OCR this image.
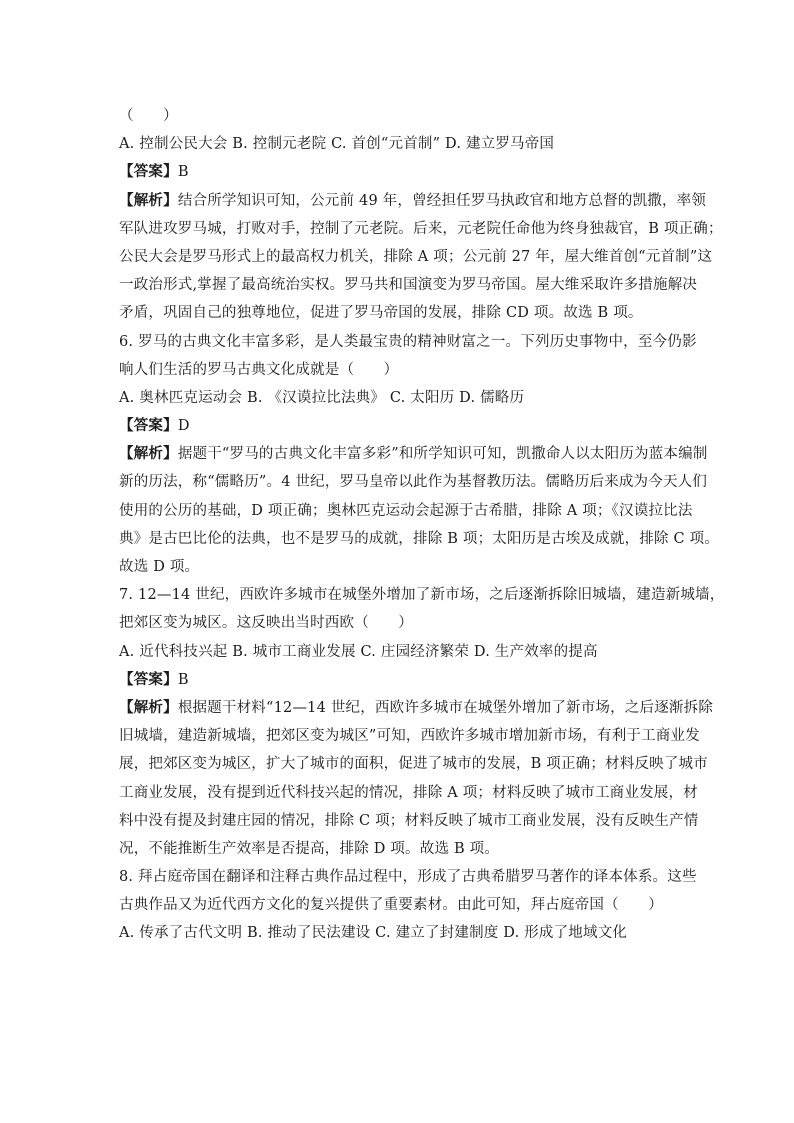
（　　）
A. 控制公民大会 B. 控制元老院 C. 首创“元首制” D. 建立罗马帝国
【答案】B
【解析】结合所学知识可知，公元前 49 年，曾经担任罗马执政官和地方总督的凯撒，率领
军队进攻罗马城，打败对手，控制了元老院。后来，元老院任命他为终身独裁官，B 项正确；
公民大会是罗马形式上的最高权力机关，排除 A 项；公元前 27 年，屋大维首创“元首制”这
一政治形式,掌握了最高统治实权。罗马共和国演变为罗马帝国。屋大维采取许多措施解决
矛盾，巩固自己的独尊地位，促进了罗马帝国的发展，排除 CD 项。故选 B 项。
6. 罗马的古典文化丰富多彩，是人类最宝贵的精神财富之一。下列历史事物中，至今仍影
响人们生活的罗马古典文化成就是（　　）
A. 奥林匹克运动会 B. 《汉谟拉比法典》 C. 太阳历 D. 儒略历
【答案】D
【解析】据题干“罗马的古典文化丰富多彩”和所学知识可知，凯撒命人以太阳历为蓝本编制
新的历法，称“儒略历”。4 世纪，罗马皇帝以此作为基督教历法。儒略历后来成为今天人们
使用的公历的基础，D 项正确；奥林匹克运动会起源于古希腊，排除 A 项；《汉谟拉比法
典》是古巴比伦的法典，也不是罗马的成就，排除 B 项；太阳历是古埃及成就，排除 C 项。
故选 D 项。
7. 12—14 世纪，西欧许多城市在城堡外增加了新市场，之后逐渐拆除旧城墙，建造新城墙，
把郊区变为城区。这反映出当时西欧（　　）
A. 近代科技兴起 B. 城市工商业发展 C. 庄园经济繁荣 D. 生产效率的提高
【答案】B
【解析】根据题干材料“12—14 世纪，西欧许多城市在城堡外增加了新市场，之后逐渐拆除
旧城墙，建造新城墙，把郊区变为城区”可知，西欧许多城市增加新市场，有利于工商业发
展，把郊区变为城区，扩大了城市的面积，促进了城市的发展，B 项正确；材料反映了城市
工商业发展，没有提到近代科技兴起的情况，排除 A 项；材料反映了城市工商业发展，材
料中没有提及封建庄园的情况，排除 C 项；材料反映了城市工商业发展，没有反映生产情
况，不能推断生产效率是否提高，排除 D 项。故选 B 项。
8. 拜占庭帝国在翻译和注释古典作品过程中，形成了古典希腊罗马著作的译本体系。这些
古典作品又为近代西方文化的复兴提供了重要素材。由此可知，拜占庭帝国（　　）
A. 传承了古代文明 B. 推动了民法建设 C. 建立了封建制度 D. 形成了地域文化
